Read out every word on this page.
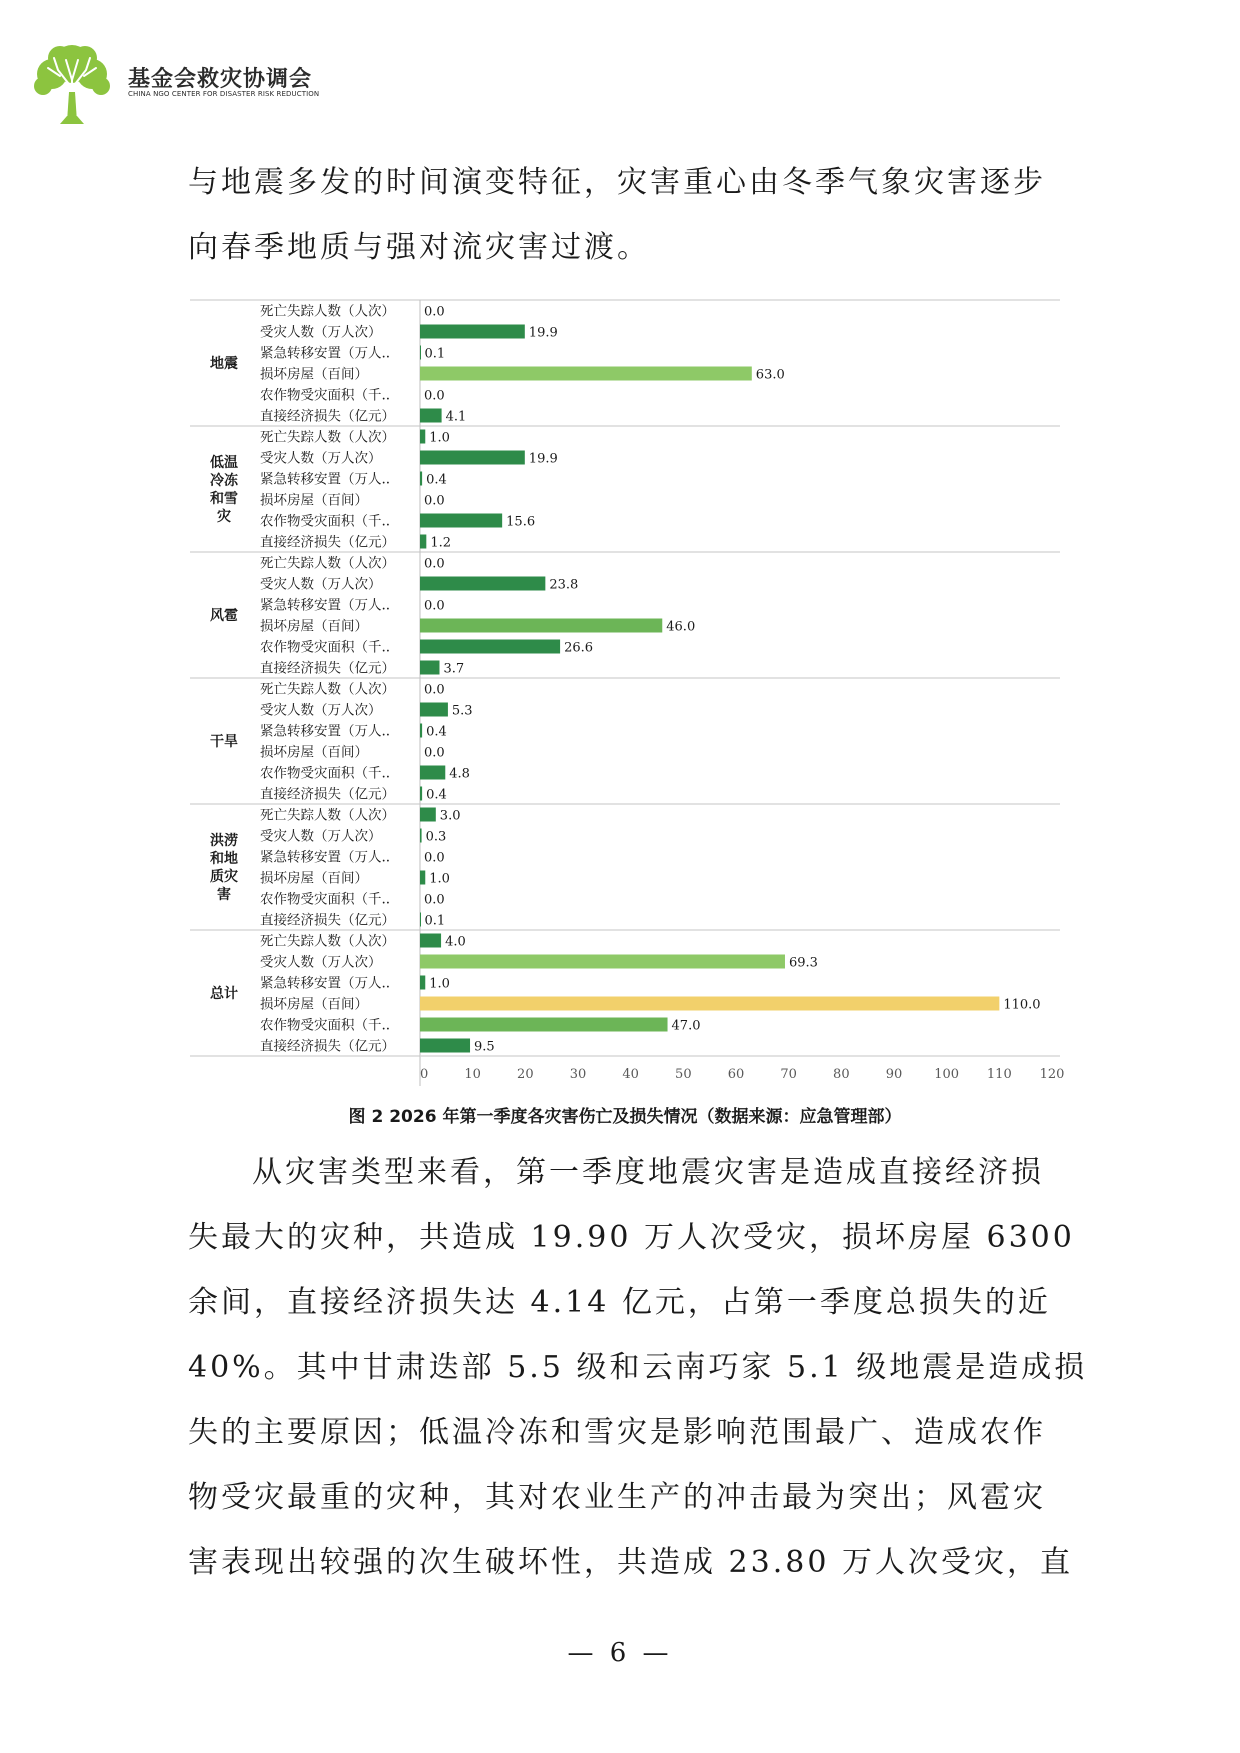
基金会救灾协调会
CHINA NGO CENTER FOR DISASTER RISK REDUCTION
与地震多发的时间演变特征，灾害重心由冬季气象灾害逐步
向春季地质与强对流灾害过渡。
地震
死亡失踪人数（人次） 0.0
受灾人数（万人次）	19.9
紧急转移安置（万人..	0.1
损坏房屋（百间）	63.0
农作物受灾面积（千..	0.0
直接经济损失（亿元）	4.1
低温
冷冻
和雪
灾
死亡失踪人数（人次）	1.0
受灾人数（万人次）	19.9
紧急转移安置（万人..	0.4
损坏房屋（百间）	0.0
农作物受灾面积（千..	15.6
直接经济损失（亿元）	1.2
风雹
死亡失踪人数（人次） 0.0
受灾人数（万人次）	23.8
紧急转移安置（万人..	0.0
损坏房屋（百间）	46.0
农作物受灾面积（千..	26.6
直接经济损失（亿元）	3.7
干旱
死亡失踪人数（人次） 0.0
受灾人数（万人次）	5.3
紧急转移安置（万人..	0.4
损坏房屋（百间）	0.0
农作物受灾面积（千..	4.8
直接经济损失（亿元） 0.4
洪涝
和地
质灾
害
死亡失踪人数（人次）	3.0
受灾人数（万人次）	0.3
紧急转移安置（万人..	0.0
损坏房屋（百间）	1.0
农作物受灾面积（千..	0.0
直接经济损失（亿元） 0.1
总计
死亡失踪人数（人次）	4.0
受灾人数（万人次）	69.3
紧急转移安置（万人..	1.0
损坏房屋（百间）	110.0
农作物受灾面积（千..	47.0
直接经济损失（亿元）	9.5
0	10	20	30	40	50	60	70	80	90 100 110 120
图 2 2026 年第一季度各灾害伤亡及损失情况（数据来源：应急管理部）
从灾害类型来看，第一季度地震灾害是造成直接经济损
失最大的灾种，共造成 19.90 万人次受灾，损坏房屋 6300
余间，直接经济损失达 4.14 亿元，占第一季度总损失的近
40%。其中甘肃迭部 5.5 级和云南巧家 5.1 级地震是造成损
失的主要原因；低温冷冻和雪灾是影响范围最广、造成农作
物受灾最重的灾种，其对农业生产的冲击最为突出；风雹灾
害表现出较强的次生破坏性，共造成 23.80 万人次受灾，直
— 6 —
